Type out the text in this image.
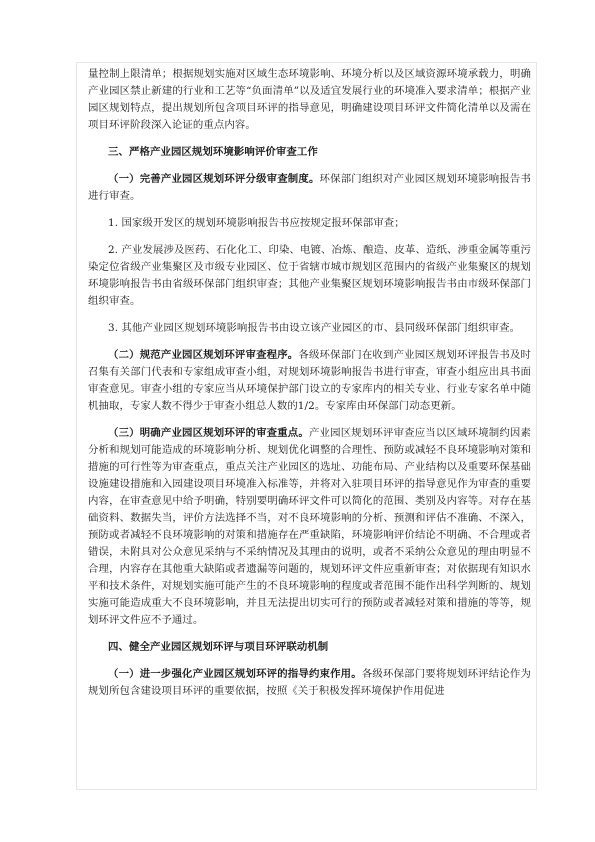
量控制上限清单；根据规划实施对区域生态环境影响、环境分析以及区域资源环境承载力，明确产业园区禁止新建的行业和工艺等“负面清单”以及适宜发展行业的环境准入要求清单；根据产业园区规划特点，提出规划所包含项目环评的指导意见，明确建设项目环评文件简化清单以及需在项目环评阶段深入论证的重点内容。

三、严格产业园区规划环境影响评价审查工作

（一）完善产业园区规划环评分级审查制度。环保部门组织对产业园区规划环境影响报告书进行审查。

1. 国家级开发区的规划环境影响报告书应按规定报环保部审查；

2. 产业发展涉及医药、石化化工、印染、电镀、冶炼、酿造、皮革、造纸、涉重金属等重污染定位省级产业集聚区及市级专业园区、位于省辖市城市规划区范围内的省级产业集聚区的规划环境影响报告书由省级环保部门组织审查；其他产业集聚区规划环境影响报告书由市级环保部门组织审查。

3. 其他产业园区规划环境影响报告书由设立该产业园区的市、县同级环保部门组织审查。

（二）规范产业园区规划环评审查程序。各级环保部门在收到产业园区规划环评报告书及时召集有关部门代表和专家组成审查小组，对规划环境影响报告书进行审查，审查小组应出具书面审查意见。审查小组的专家应当从环境保护部门设立的专家库内的相关专业、行业专家名单中随机抽取，专家人数不得少于审查小组总人数的1/2。专家库由环保部门动态更新。

（三）明确产业园区规划环评的审查重点。产业园区规划环评审查应当以区域环境制约因素分析和规划可能造成的环境影响分析、规划优化调整的合理性、预防或减轻不良环境影响对策和措施的可行性等为审查重点，重点关注产业园区的选址、功能布局、产业结构以及重要环保基础设施建设措施和入园建设项目环境准入标准等，并将对入驻项目环评的指导意见作为审查的重要内容，在审查意见中给予明确，特别要明确环评文件可以简化的范围、类别及内容等。对存在基础资料、数据失当，评价方法选择不当，对不良环境影响的分析、预测和评估不准确、不深入，预防或者减轻不良环境影响的对策和措施存在严重缺陷，环境影响评价结论不明确、不合理或者错误，未附具对公众意见采纳与不采纳情况及其理由的说明，或者不采纳公众意见的理由明显不合理，内容存在其他重大缺陷或者遗漏等问题的，规划环评文件应重新审查；对依据现有知识水平和技术条件，对规划实施可能产生的不良环境影响的程度或者范围不能作出科学判断的、规划实施可能造成重大不良环境影响，并且无法提出切实可行的预防或者减轻对策和措施的等等，规划环评文件应不予通过。

四、健全产业园区规划环评与项目环评联动机制

（一）进一步强化产业园区规划环评的指导约束作用。各级环保部门要将规划环评结论作为规划所包含建设项目环评的重要依据，按照《关于积极发挥环境保护作用促进
